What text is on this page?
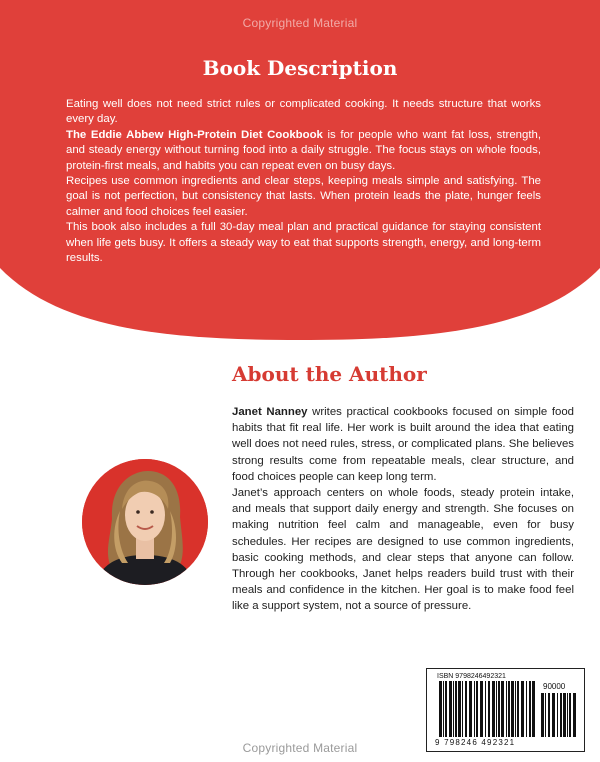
Copyrighted Material
Book Description

Eating well does not need strict rules or complicated cooking. It needs structure that works every day.

The Eddie Abbew High-Protein Diet Cookbook is for people who want fat loss, strength, and steady energy without turning food into a daily struggle. The focus stays on whole foods, protein-first meals, and habits you can repeat even on busy days.

Recipes use common ingredients and clear steps, keeping meals simple and satisfying. The goal is not perfection, but consistency that lasts. When protein leads the plate, hunger feels calmer and food choices feel easier.

This book also includes a full 30-day meal plan and practical guidance for staying consistent when life gets busy. It offers a steady way to eat that supports strength, energy, and long-term results.

About the Author

Janet Nanney writes practical cookbooks focused on simple food habits that fit real life. Her work is built around the idea that eating well does not need rules, stress, or complicated plans. She believes strong results come from repeatable meals, clear structure, and food choices people can keep long term.

Janet’s approach centers on whole foods, steady protein intake, and meals that support daily energy and strength. She focuses on making nutrition feel calm and manageable, even for busy schedules. Her recipes are designed to use common ingredients, basic cooking methods, and clear steps that anyone can follow. Through her cookbooks, Janet helps readers build trust with their meals and confidence in the kitchen. Her goal is to make food feel like a support system, not a source of pressure.

ISBN 9798246492321
90000
9 798246 492321
Copyrighted Material
